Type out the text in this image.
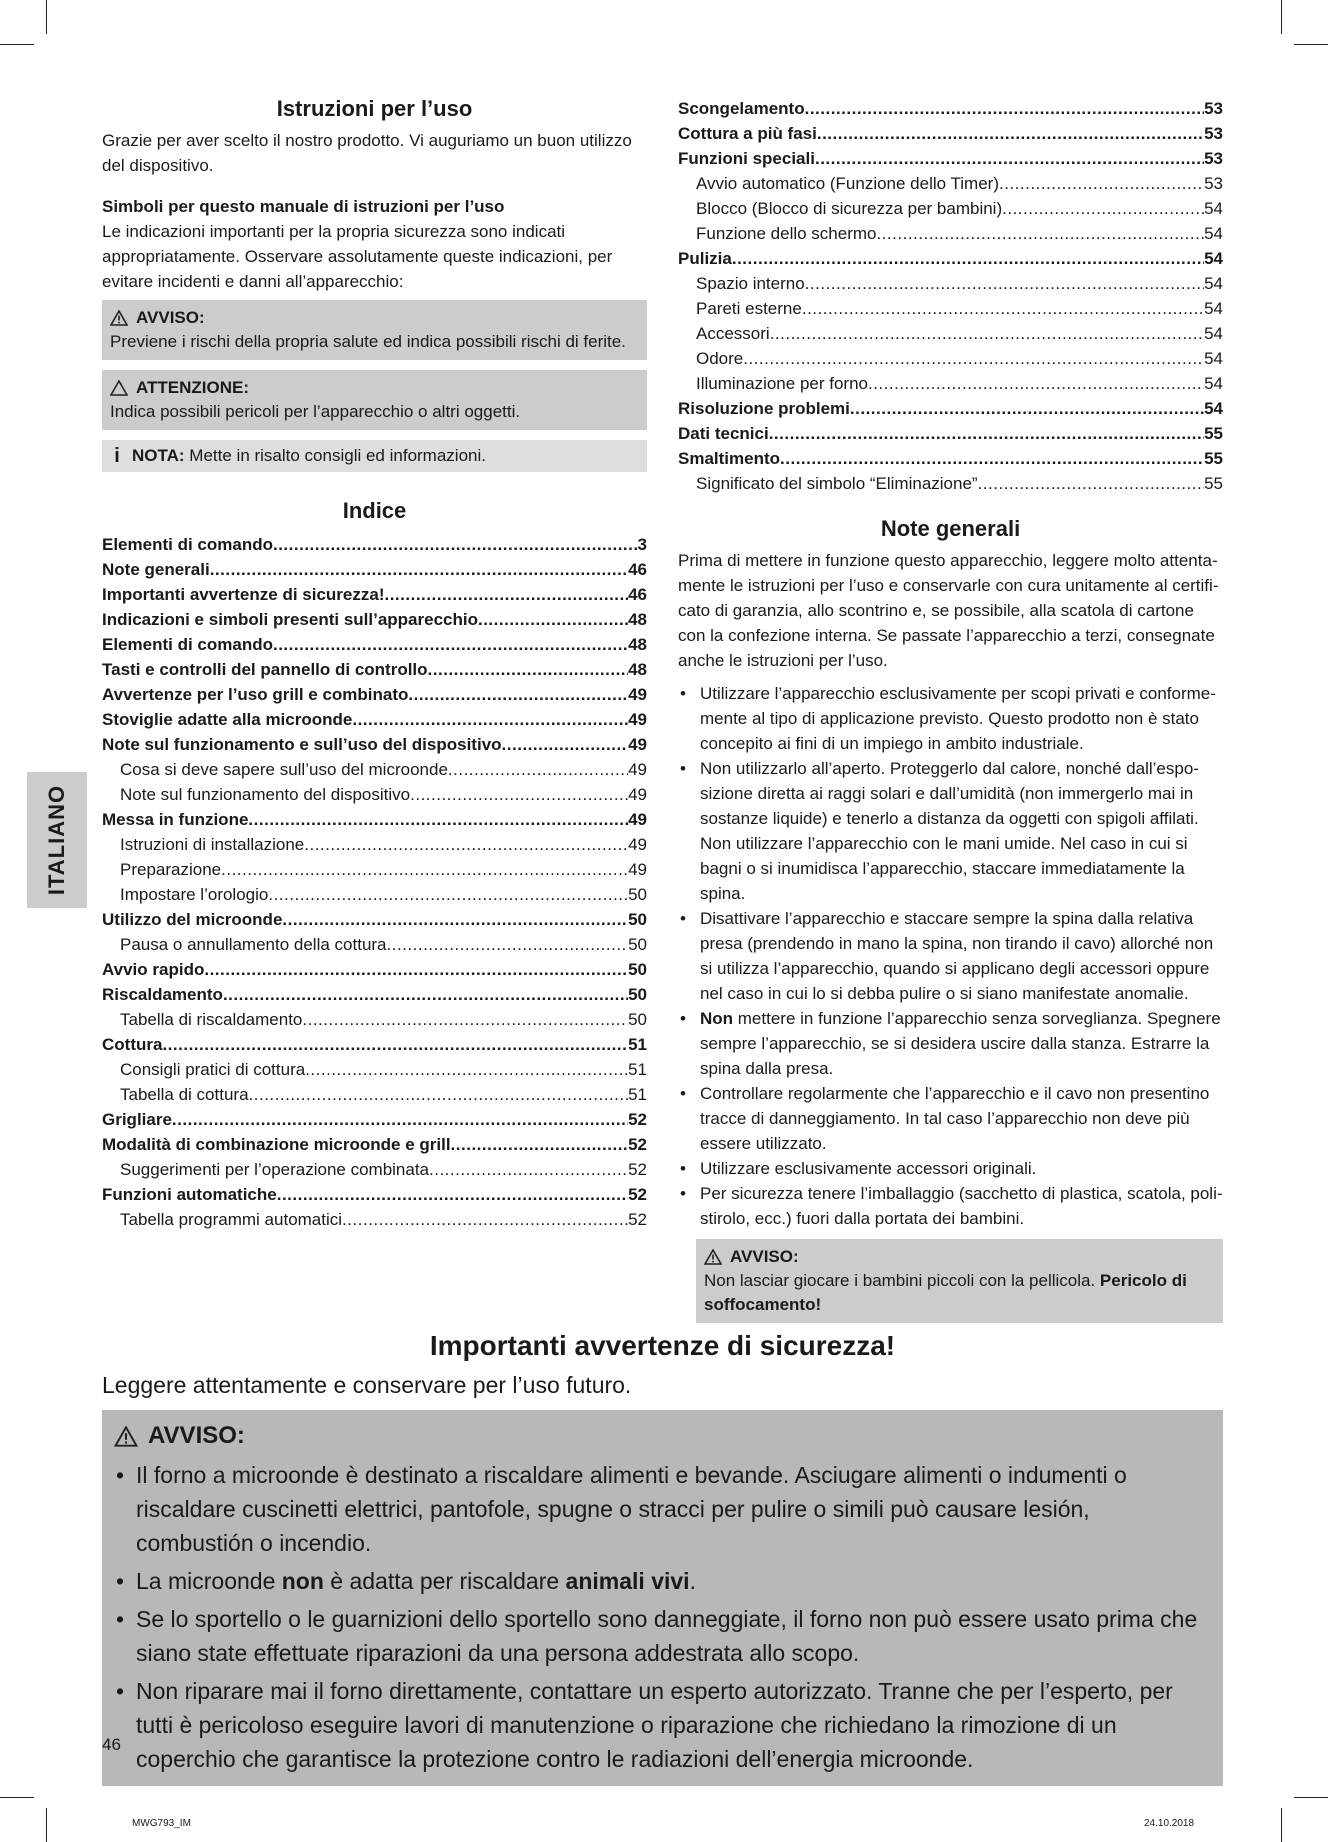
ITALIANO
Istruzioni per l’uso

Grazie per aver scelto il nostro prodotto. Vi auguriamo un buon utilizzo del dispositivo.

Simboli per questo manuale di istruzioni per l’uso

Le indicazioni importanti per la propria sicurezza sono indicati appropriatamente. Osservare assolutamente queste indicazioni, per evitare incidenti e danni all’apparecchio:

AVVISO:
Previene i rischi della propria salute ed indica possibili rischi di ferite.
ATTENZIONE:
Indica possibili pericoli per l’apparecchio o altri oggetti.
i NOTA: Mette in risalto consigli ed informazioni.
Indice
Elementi di comando .....	3
Note generali .....	46
Importanti avvertenze di sicurezza! .....	46
Indicazioni e simboli presenti sull’apparecchio .....	48
Elementi di comando .....	48
Tasti e controlli del pannello di controllo .....	48
Avvertenze per l’uso grill e combinato .....	49
Stoviglie adatte alla microonde .....	49
Note sul funzionamento e sull’uso del dispositivo .....	49
Cosa si deve sapere sull’uso del microonde .....	49
Note sul funzionamento del dispositivo .....	49
Messa in funzione .....	49
Istruzioni di installazione .....	49
Preparazione .....	49
Impostare l’orologio .....	50
Utilizzo del microonde .....	50
Pausa o annullamento della cottura .....	50
Avvio rapido .....	50
Riscaldamento .....	50
Tabella di riscaldamento .....	50
Cottura .....	51
Consigli pratici di cottura .....	51
Tabella di cottura .....	51
Grigliare .....	52
Modalità di combinazione microonde e grill .....	52
Suggerimenti per l’operazione combinata .....	52
Funzioni automatiche .....	52
Tabella programmi automatici .....	52
Scongelamento .....	53
Cottura a più fasi .....	53
Funzioni speciali .....	53
Avvio automatico (Funzione dello Timer) .....	53
Blocco (Blocco di sicurezza per bambini) .....	54
Funzione dello schermo .....	54
Pulizia .....	54
Spazio interno .....	54
Pareti esterne .....	54
Accessori .....	54
Odore .....	54
Illuminazione per forno .....	54
Risoluzione problemi .....	54
Dati tecnici .....	55
Smaltimento .....	55
Significato del simbolo “Eliminazione” .....	55
Note generali

Prima di mettere in funzione questo apparecchio, leggere molto attentamente le istruzioni per l’uso e conservarle con cura unitamente al certificato di garanzia, allo scontrino e, se possibile, alla scatola di cartone con la confezione interna. Se passate l’apparecchio a terzi, consegnate anche le istruzioni per l’uso.

• Utilizzare l’apparecchio esclusivamente per scopi privati e conformemente al tipo di applicazione previsto. Questo prodotto non è stato concepito ai fini di un impiego in ambito industriale.
• Non utilizzarlo all’aperto. Proteggerlo dal calore, nonché dall’esposizione diretta ai raggi solari e dall’umidità (non immergerlo mai in sostanze liquide) e tenerlo a distanza da oggetti con spigoli affilati. Non utilizzare l’apparecchio con le mani umide. Nel caso in cui si bagni o si inumidisca l’apparecchio, staccare immediatamente la spina.
• Disattivare l’apparecchio e staccare sempre la spina dalla relativa presa (prendendo in mano la spina, non tirando il cavo) allorché non si utilizza l’apparecchio, quando si applicano degli accessori oppure nel caso in cui lo si debba pulire o si siano manifestate anomalie.
• Non mettere in funzione l’apparecchio senza sorveglianza. Spegnere sempre l’apparecchio, se si desidera uscire dalla stanza. Estrarre la spina dalla presa.
• Controllare regolarmente che l’apparecchio e il cavo non presentino tracce di danneggiamento. In tal caso l’apparecchio non deve più essere utilizzato.
• Utilizzare esclusivamente accessori originali.
• Per sicurezza tenere l’imballaggio (sacchetto di plastica, scatola, polistirolo, ecc.) fuori dalla portata dei bambini.
AVVISO:
Non lasciar giocare i bambini piccoli con la pellicola. Pericolo di soffocamento!
Importanti avvertenze di sicurezza!
Leggere attentamente e conservare per l’uso futuro.
AVVISO:
• Il forno a microonde è destinato a riscaldare alimenti e bevande. Asciugare alimenti o indumenti o riscaldare cuscinetti elettrici, pantofole, spugne o stracci per pulire o simili può causare lesión, combustión o incendio.
• La microonde non è adatta per riscaldare animali vivi.
• Se lo sportello o le guarnizioni dello sportello sono danneggiate, il forno non può essere usato prima che siano state effettuate riparazioni da una persona addestrata allo scopo.
• Non riparare mai il forno direttamente, contattare un esperto autorizzato. Tranne che per l’esperto, per tutti è pericoloso eseguire lavori di manutenzione o riparazione che richiedano la rimozione di un coperchio che garantisce la protezione contro le radiazioni dell’energia microonde.
46
MWG793_IM	24.10.2018
